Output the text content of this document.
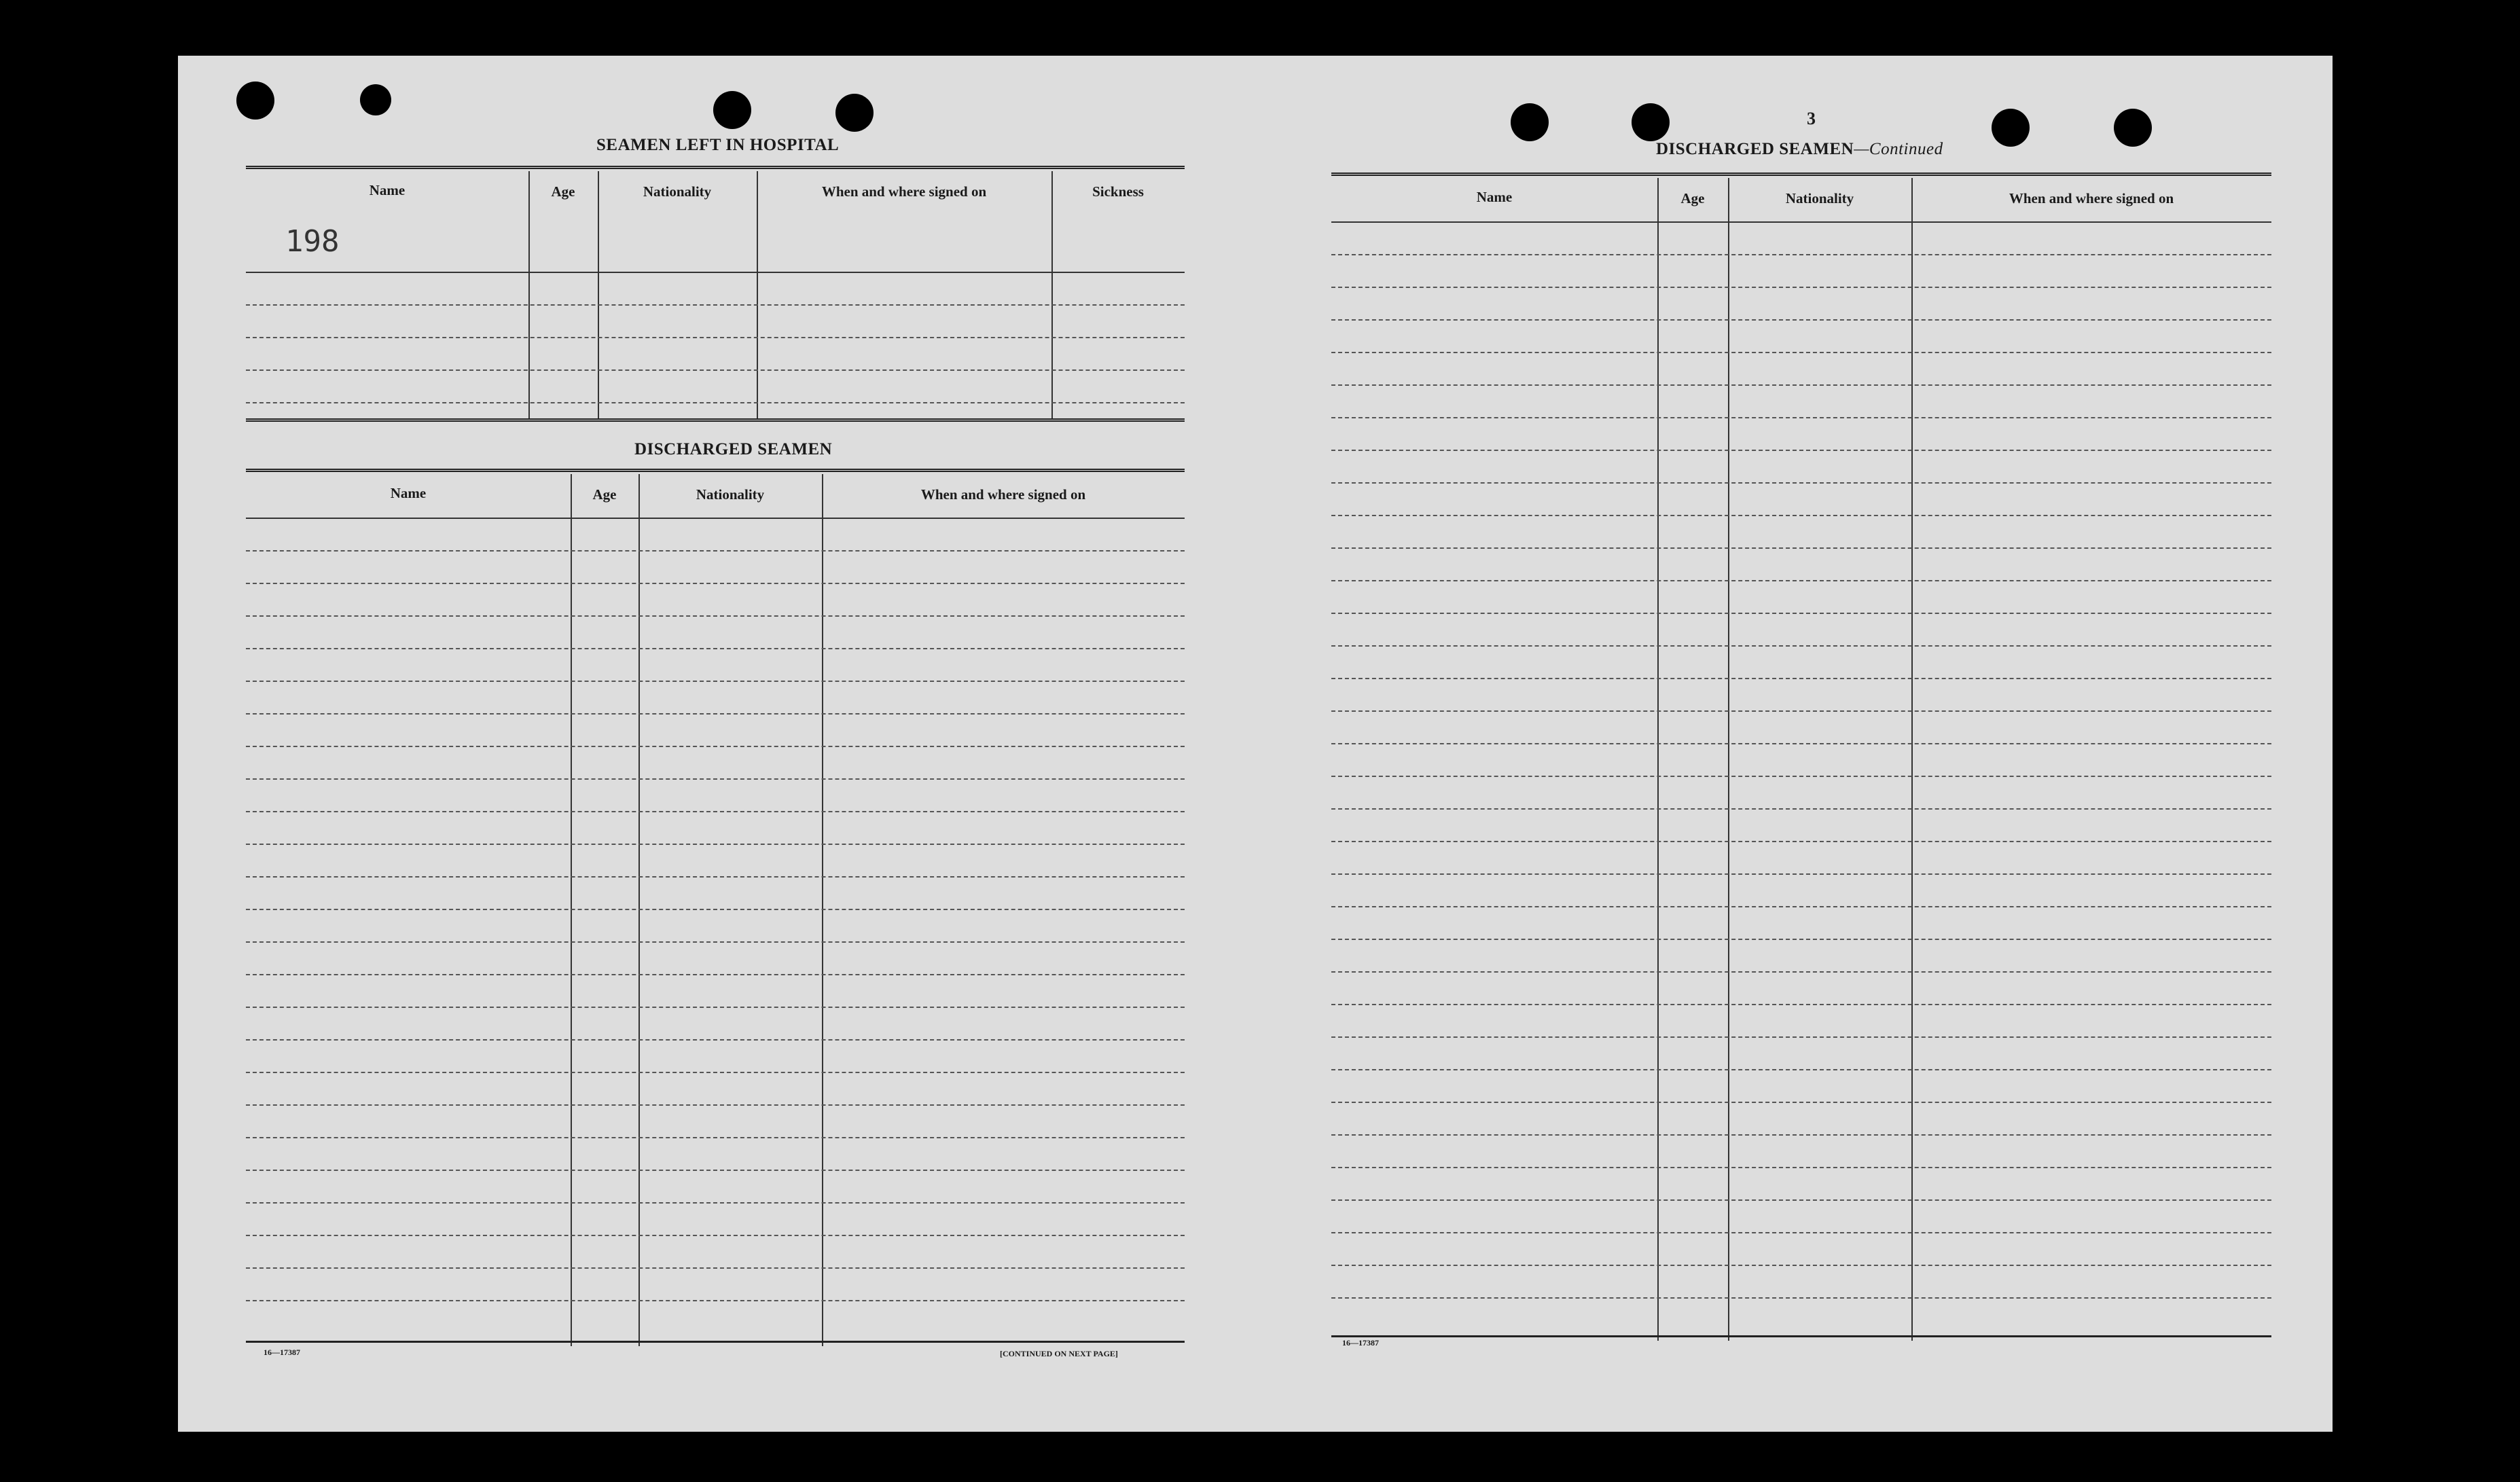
SEAMEN LEFT IN HOSPITAL
Name	Age	Nationality	When and where signed on	Sickness
198
DISCHARGED SEAMEN
Name	Age	Nationality	When and where signed on
16—17387	[CONTINUED ON NEXT PAGE]
3
DISCHARGED SEAMEN—Continued
Name	Age	Nationality	When and where signed on
16—17387
